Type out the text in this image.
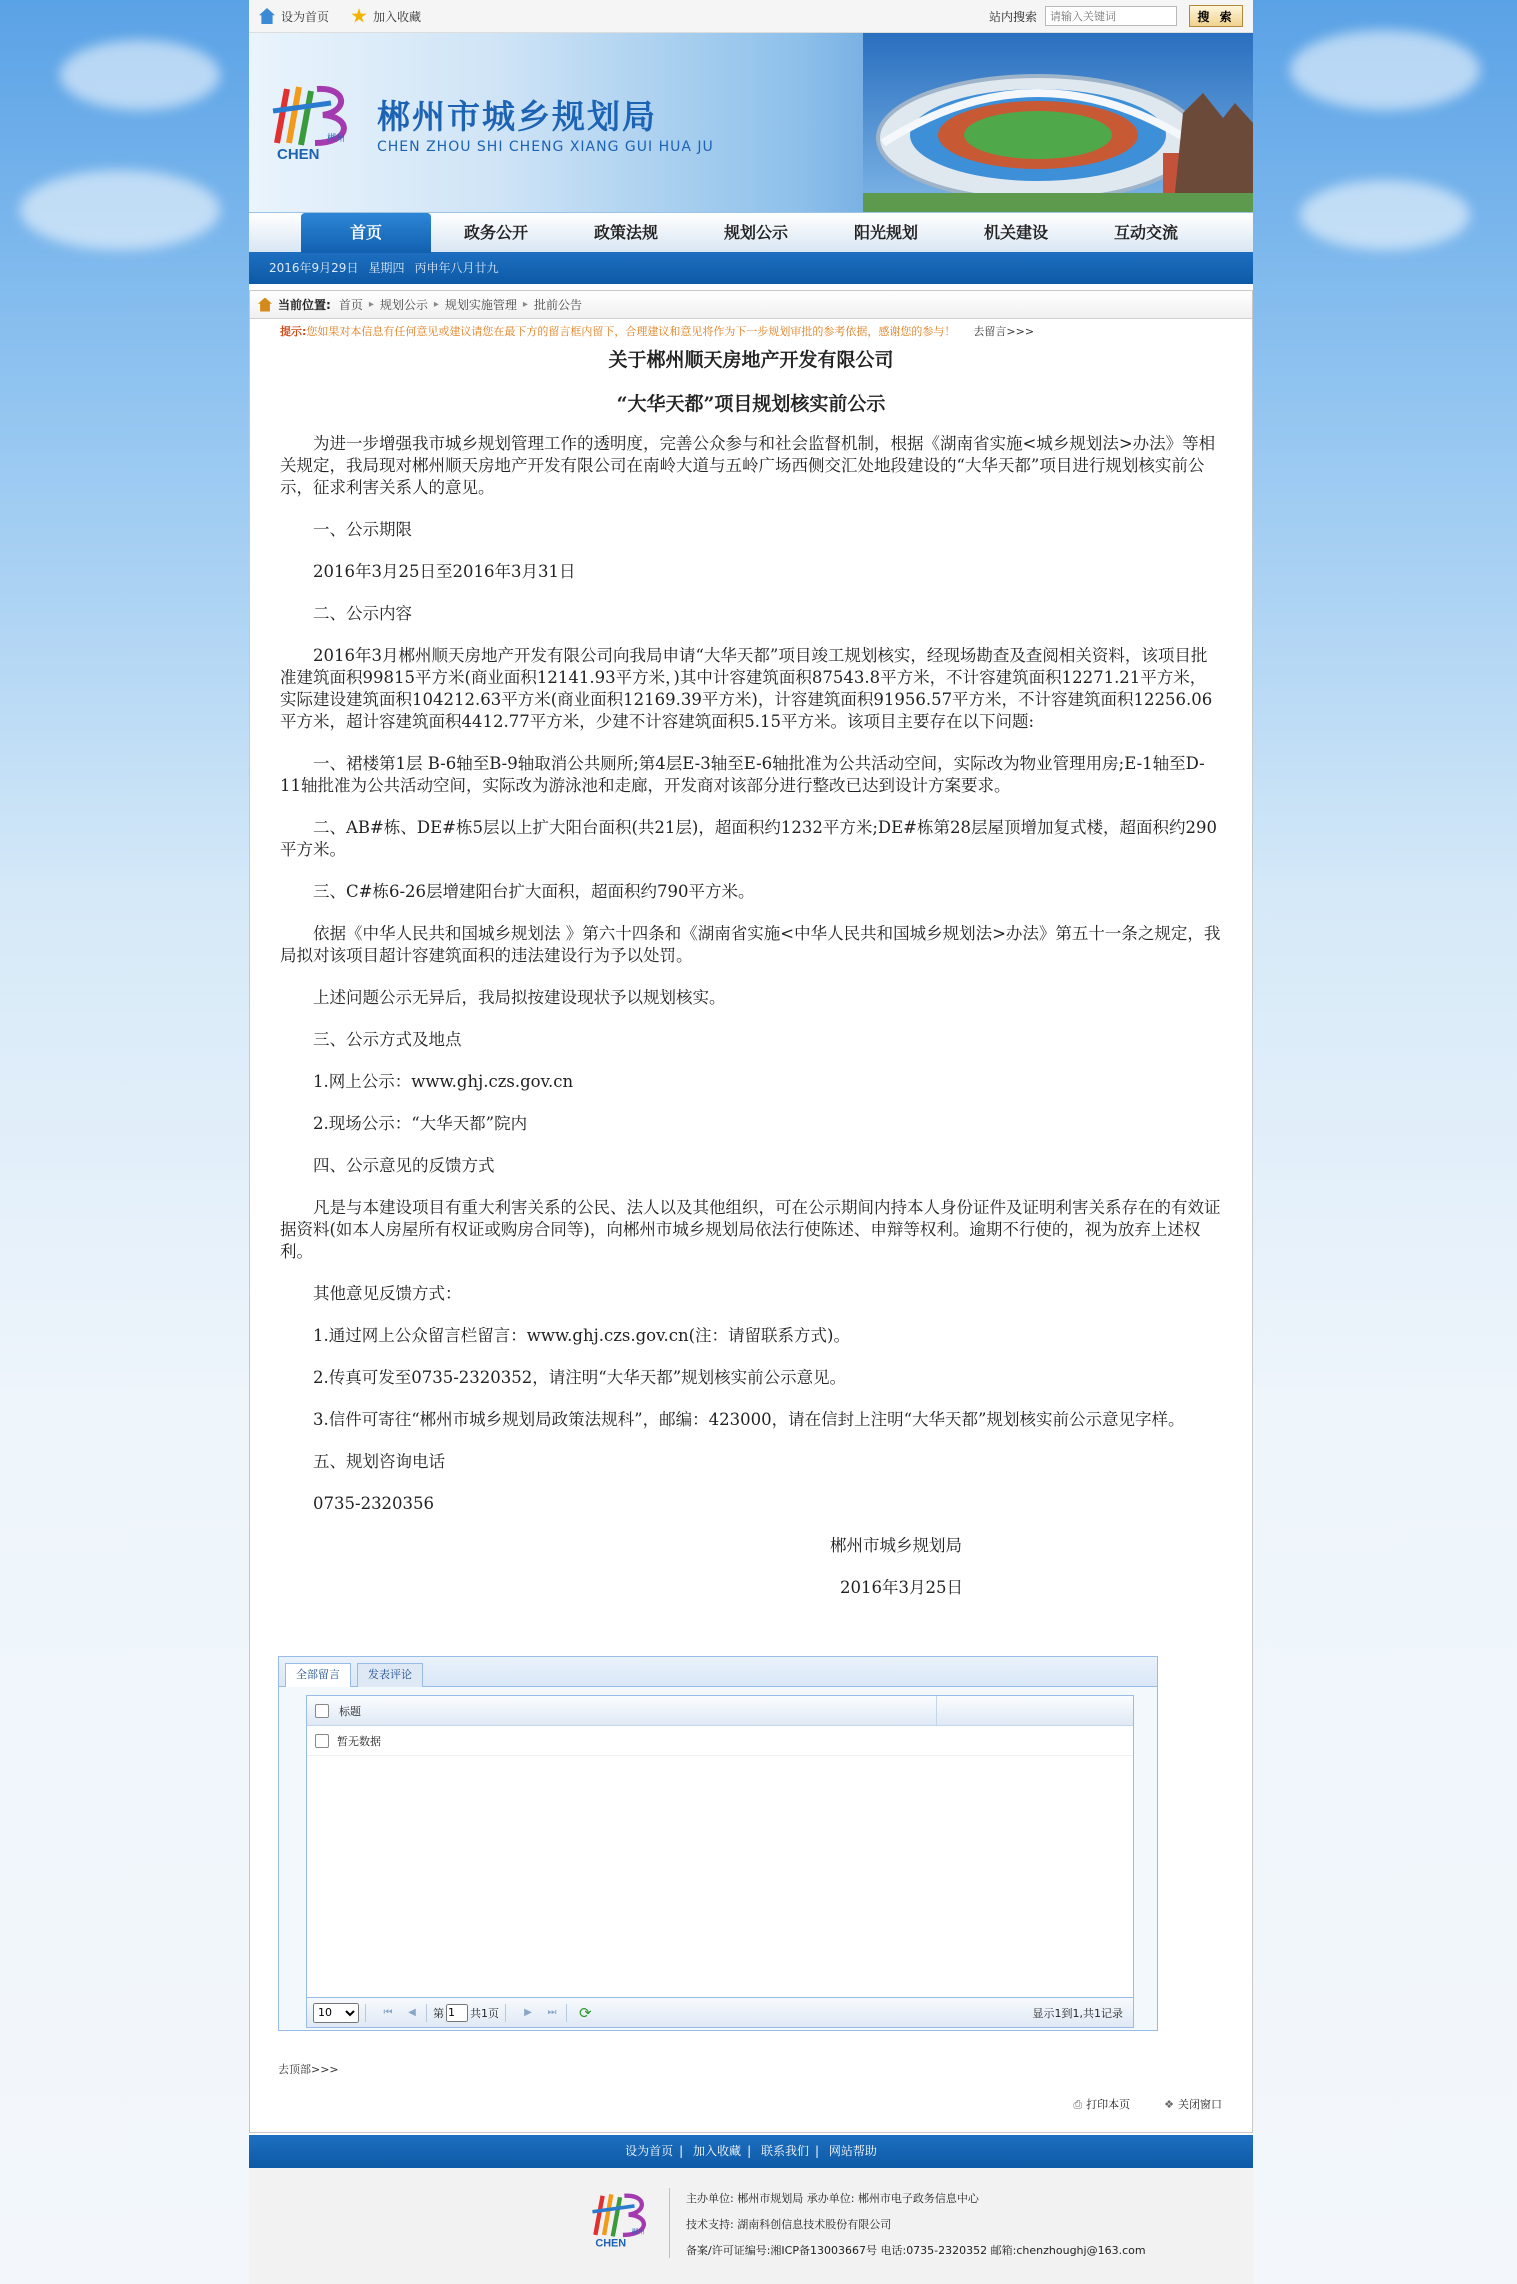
设为首页	加入收藏	站内搜索
请输入关键词	搜 索
CHEN
郴州
郴州市城乡规划局
CHEN ZHOU SHI CHENG XIANG GUI HUA JU
首页	政务公开	政策法规	规划公示	阳光规划	机关建设	互动交流
2016年9月29日 星期四 丙申年八月廿九
当前位置: 首页 ▸ 规划公示 ▸ 规划实施管理 ▸ 批前公告
提示: 您如果对本信息有任何意见或建议请您在最下方的留言框内留下，合理建议和意见将作为下一步规划审批的参考依据，感谢您的参与！ 去留言>>>
关于郴州顺天房地产开发有限公司
“大华天都”项目规划核实前公示

为进一步增强我市城乡规划管理工作的透明度，完善公众参与和社会监督机制，根据《湖南省实施<城乡规划法>办法》等相关规定，我局现对郴州顺天房地产开发有限公司在南岭大道与五岭广场西侧交汇处地段建设的“大华天都”项目进行规划核实前公示，征求利害关系人的意见。

一、公示期限

2016年3月25日至2016年3月31日

二、公示内容

2016年3月郴州顺天房地产开发有限公司向我局申请“大华天都”项目竣工规划核实，经现场勘查及查阅相关资料，该项目批准建筑面积99815平方米(商业面积12141.93平方米，)其中计容建筑面积87543.8平方米，不计容建筑面积12271.21平方米，实际建设建筑面积104212.63平方米(商业面积12169.39平方米)，计容建筑面积91956.57平方米，不计容建筑面积12256.06平方米，超计容建筑面积4412.77平方米，少建不计容建筑面积5.15平方米。该项目主要存在以下问题:

一、裙楼第1层 B-6轴至B-9轴取消公共厕所;第4层E-3轴至E-6轴批准为公共活动空间，实际改为物业管理用房;E-1轴至D-11轴批准为公共活动空间，实际改为游泳池和走廊，开发商对该部分进行整改已达到设计方案要求。

二、AB#栋、DE#栋5层以上扩大阳台面积(共21层)，超面积约1232平方米;DE#栋第28层屋顶增加复式楼，超面积约290平方米。

三、C#栋6-26层增建阳台扩大面积，超面积约790平方米。

依据《中华人民共和国城乡规划法 》第六十四条和《湖南省实施<中华人民共和国城乡规划法>办法》第五十一条之规定，我局拟对该项目超计容建筑面积的违法建设行为予以处罚。

上述问题公示无异后，我局拟按建设现状予以规划核实。

三、公示方式及地点

1.网上公示：www.ghj.czs.gov.cn

2.现场公示：“大华天都”院内

四、公示意见的反馈方式

凡是与本建设项目有重大利害关系的公民、法人以及其他组织，可在公示期间内持本人身份证件及证明利害关系存在的有效证据资料(如本人房屋所有权证或购房合同等)，向郴州市城乡规划局依法行使陈述、申辩等权利。逾期不行使的，视为放弃上述权利。

其他意见反馈方式：

1.通过网上公众留言栏留言：www.ghj.czs.gov.cn(注：请留联系方式)。

2.传真可发至0735-2320352，请注明“大华天都”规划核实前公示意见。

3.信件可寄往“郴州市城乡规划局政策法规科”，邮编：423000，请在信封上注明“大华天都”规划核实前公示意见字样。

五、规划咨询电话

0735-2320356

郴州市城乡规划局

2016年3月25日

全部留言	发表评论
标题
暂无数据
10
⏮	◀	第
1 共1页	▶	⏭ ⟳	显示1到1,共1记录
去顶部>>>
⎙ 打印本页	❖ 关闭窗口
设为首页 | 加入收藏 | 联系我们 | 网站帮助
CHEN
郴州
主办单位: 郴州市规划局 承办单位: 郴州市电子政务信息中心
技术支持: 湖南科创信息技术股份有限公司
备案/许可证编号:湘ICP备13003667号 电话:0735-2320352 邮箱:chenzhoughj@163.com
